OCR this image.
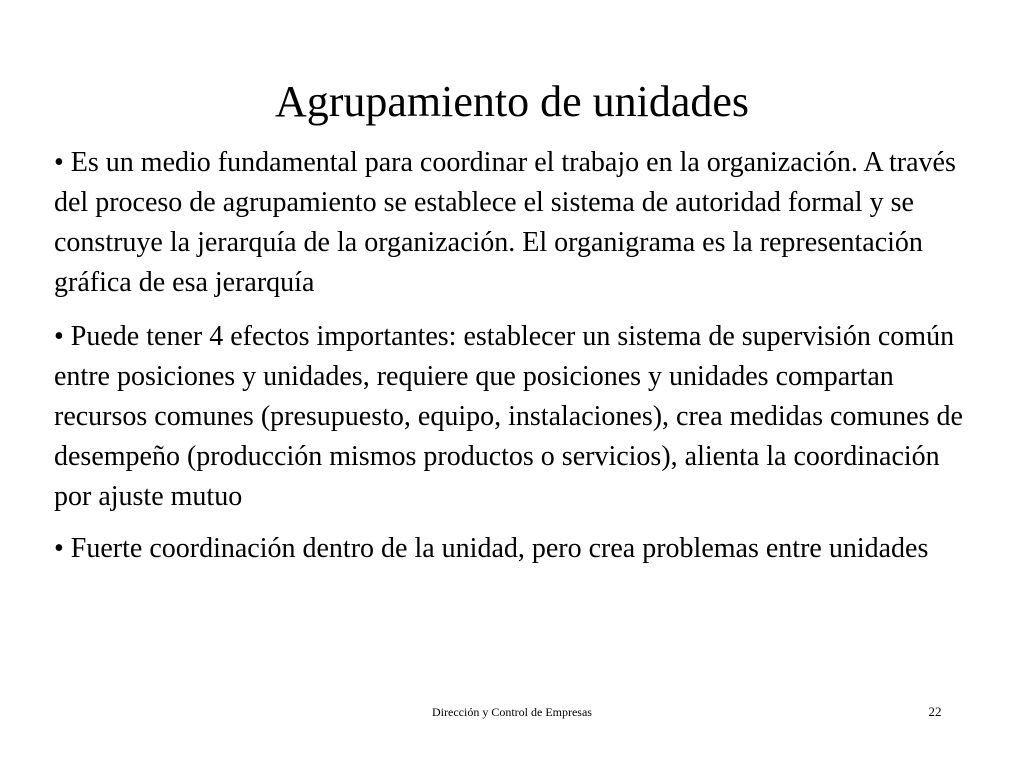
Agrupamiento de unidades
• Es un medio fundamental para coordinar el trabajo en la organización. A través del proceso de agrupamiento se establece el sistema de autoridad formal y se construye la jerarquía de la organización. El organigrama es la representación gráfica de esa jerarquía
• Puede tener 4 efectos importantes: establecer un sistema de supervisión común entre posiciones y unidades, requiere que posiciones y unidades compartan recursos comunes (presupuesto, equipo, instalaciones), crea medidas comunes de desempeño (producción mismos productos o servicios), alienta la coordinación por ajuste mutuo
• Fuerte coordinación dentro de la unidad, pero crea problemas entre unidades
Dirección y Control de Empresas	22
